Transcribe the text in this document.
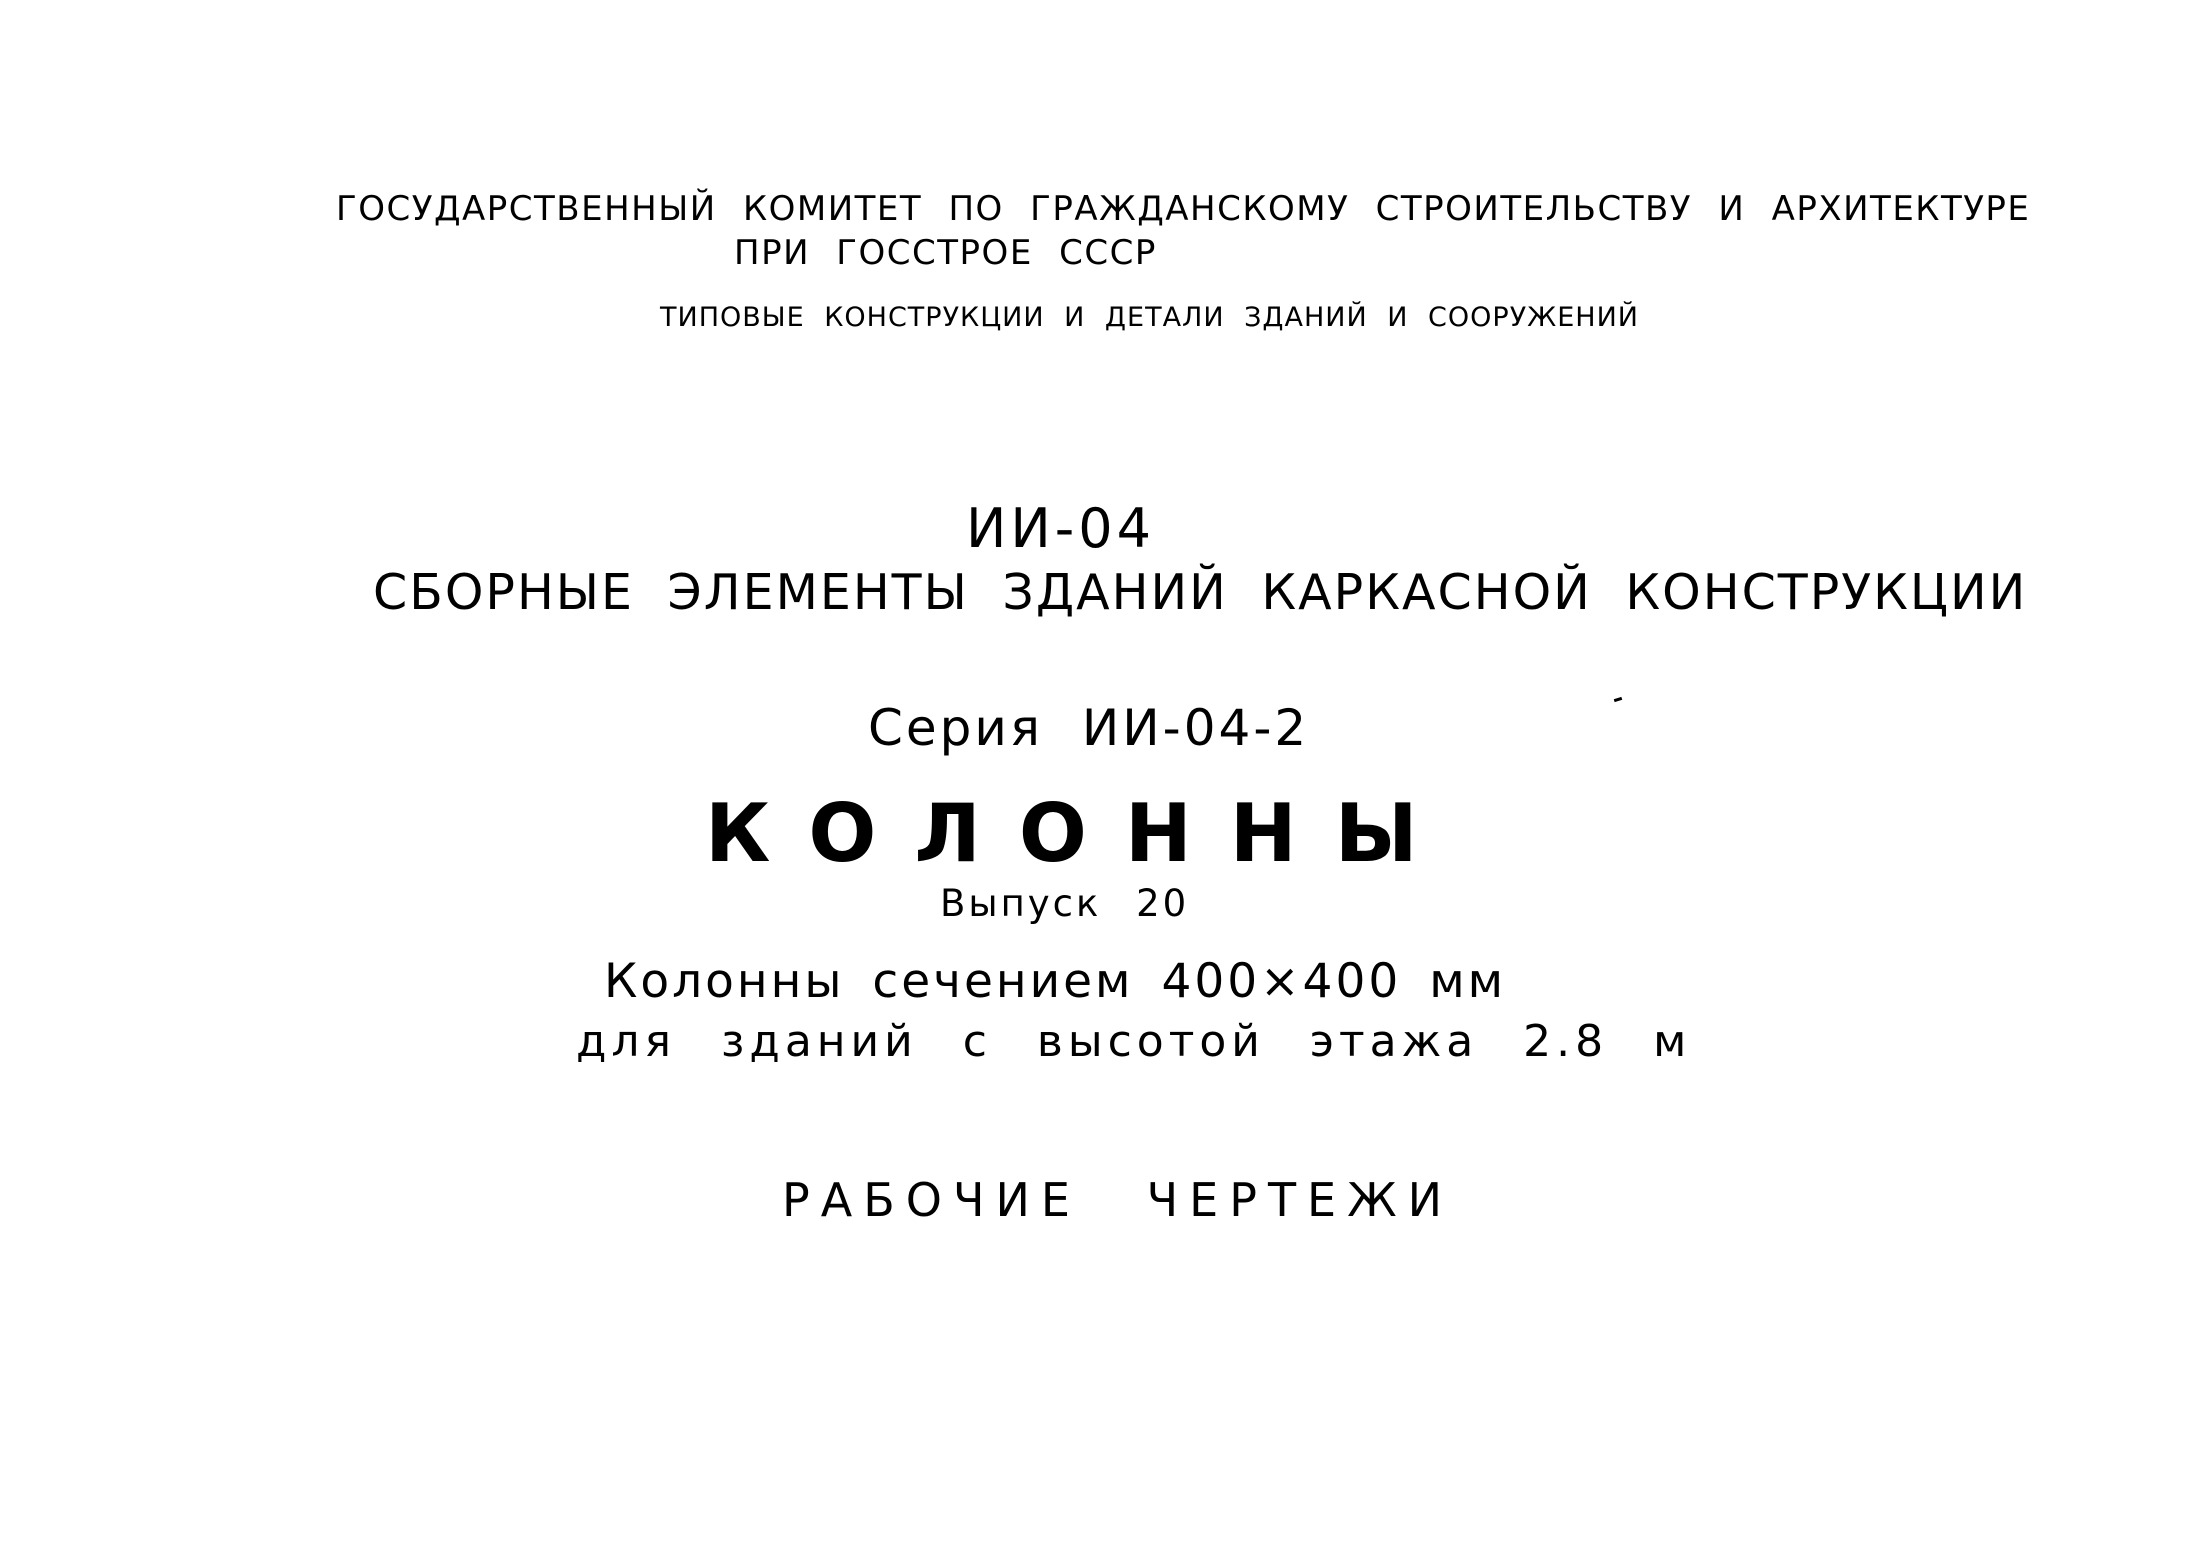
ГОСУДАРСТВЕННЫЙ КОМИТЕТ ПО ГРАЖДАНСКОМУ СТРОИТЕЛЬСТВУ И АРХИТЕКТУРЕ
ПРИ ГОССТРОЕ СССР
ТИПОВЫЕ КОНСТРУКЦИИ И ДЕТАЛИ ЗДАНИЙ И СООРУЖЕНИЙ
ИИ-04
СБОРНЫЕ ЭЛЕМЕНТЫ ЗДАНИЙ КАРКАСНОЙ КОНСТРУКЦИИ
Серия ИИ-04-2
КОЛОННЫ
Выпуск 20
Колонны сечением 400×400 мм
для зданий с высотой этажа 2.8 м
РАБОЧИЕ ЧЕРТЕЖИ
